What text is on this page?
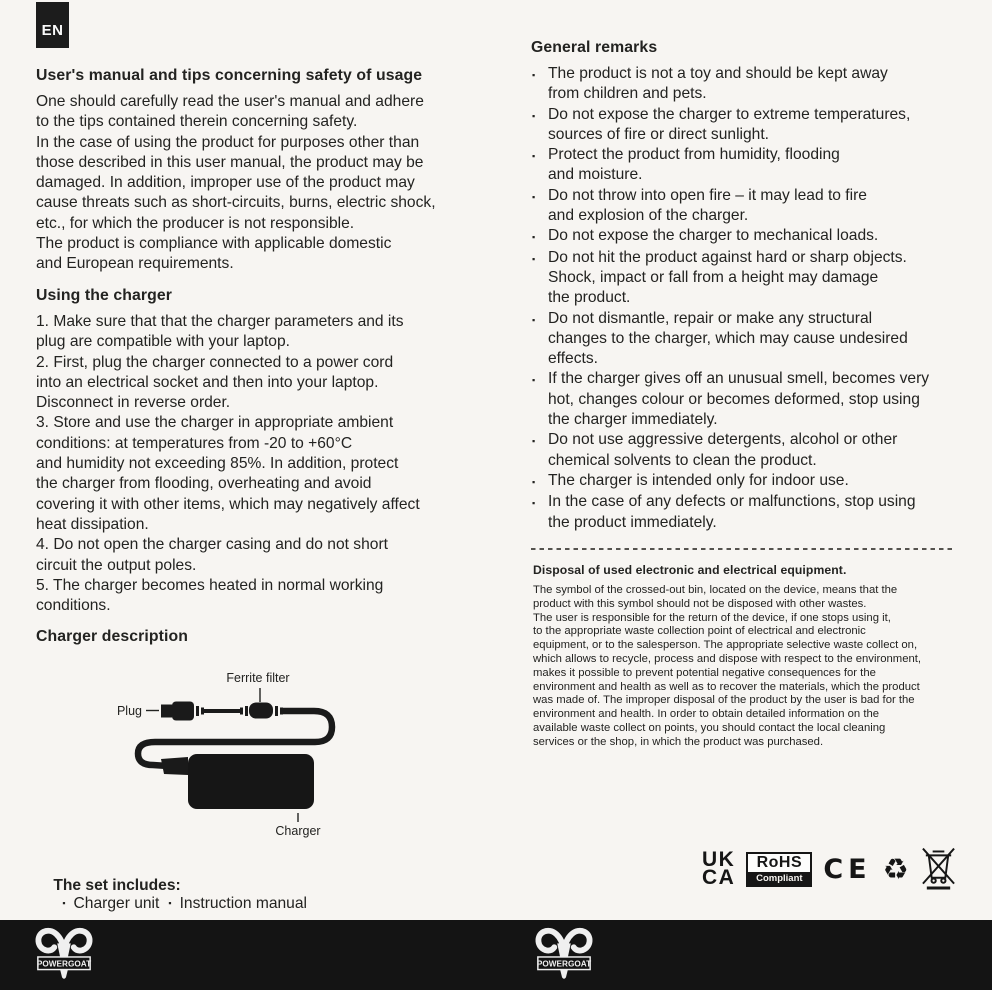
EN
User's manual and tips concerning safety of usage
One should carefully read the user's manual and adhere
to the tips contained therein concerning safety.
In the case of using the product for purposes other than
those described in this user manual, the product may be
damaged. In addition, improper use of the product may
cause threats such as short-circuits, burns, electric shock,
etc., for which the producer is not responsible.
The product is compliance with applicable domestic
and European requirements.
Using the charger
1. Make sure that that the charger parameters and its
plug are compatible with your laptop.
2. First, plug the charger connected to a power cord
into an electrical socket and then into your laptop.
Disconnect in reverse order.
3. Store and use the charger in appropriate ambient
conditions: at temperatures from -20 to +60°C
and humidity not exceeding 85%. In addition, protect
the charger from flooding, overheating and avoid
covering it with other items, which may negatively affect
heat dissipation.
4. Do not open the charger casing and do not short
circuit the output poles.
5. The charger becomes heated in normal working
conditions.
Charger description
Ferrite filter
Plug
Charger

The set includes:
▪ Charger unit ▪ Instruction manual

General remarks
▪ The product is not a toy and should be kept away
from children and pets.
▪ Do not expose the charger to extreme temperatures,
sources of fire or direct sunlight.
▪ Protect the product from humidity, flooding
and moisture.
▪ Do not throw into open fire – it may lead to fire
and explosion of the charger.
▪ Do not expose the charger to mechanical loads.
▪ Do not hit the product against hard or sharp objects.
Shock, impact or fall from a height may damage
the product.
▪ Do not dismantle, repair or make any structural
changes to the charger, which may cause undesired
effects.
▪ If the charger gives off an unusual smell, becomes very
hot, changes colour or becomes deformed, stop using
the charger immediately.
▪ Do not use aggressive detergents, alcohol or other
chemical solvents to clean the product.
▪ The charger is intended only for indoor use.
▪ In the case of any defects or malfunctions, stop using
the product immediately.
Disposal of used electronic and electrical equipment.
The symbol of the crossed-out bin, located on the device, means that the
product with this symbol should not be disposed with other wastes.
The user is responsible for the return of the device, if one stops using it,
to the appropriate waste collection point of electrical and electronic
equipment, or to the salesperson. The appropriate selective waste collect on,
which allows to recycle, process and dispose with respect to the environment,
makes it possible to prevent potential negative consequences for the
environment and health as well as to recover the materials, which the product
was made of. The improper disposal of the product by the user is bad for the
environment and health. In order to obtain detailed information on the
available waste collect on points, you should contact the local cleaning
services or the shop, in which the product was purchased.
UK
CA
RoHS
Compliant CE ♻
POWERGOAT	POWERGOAT
